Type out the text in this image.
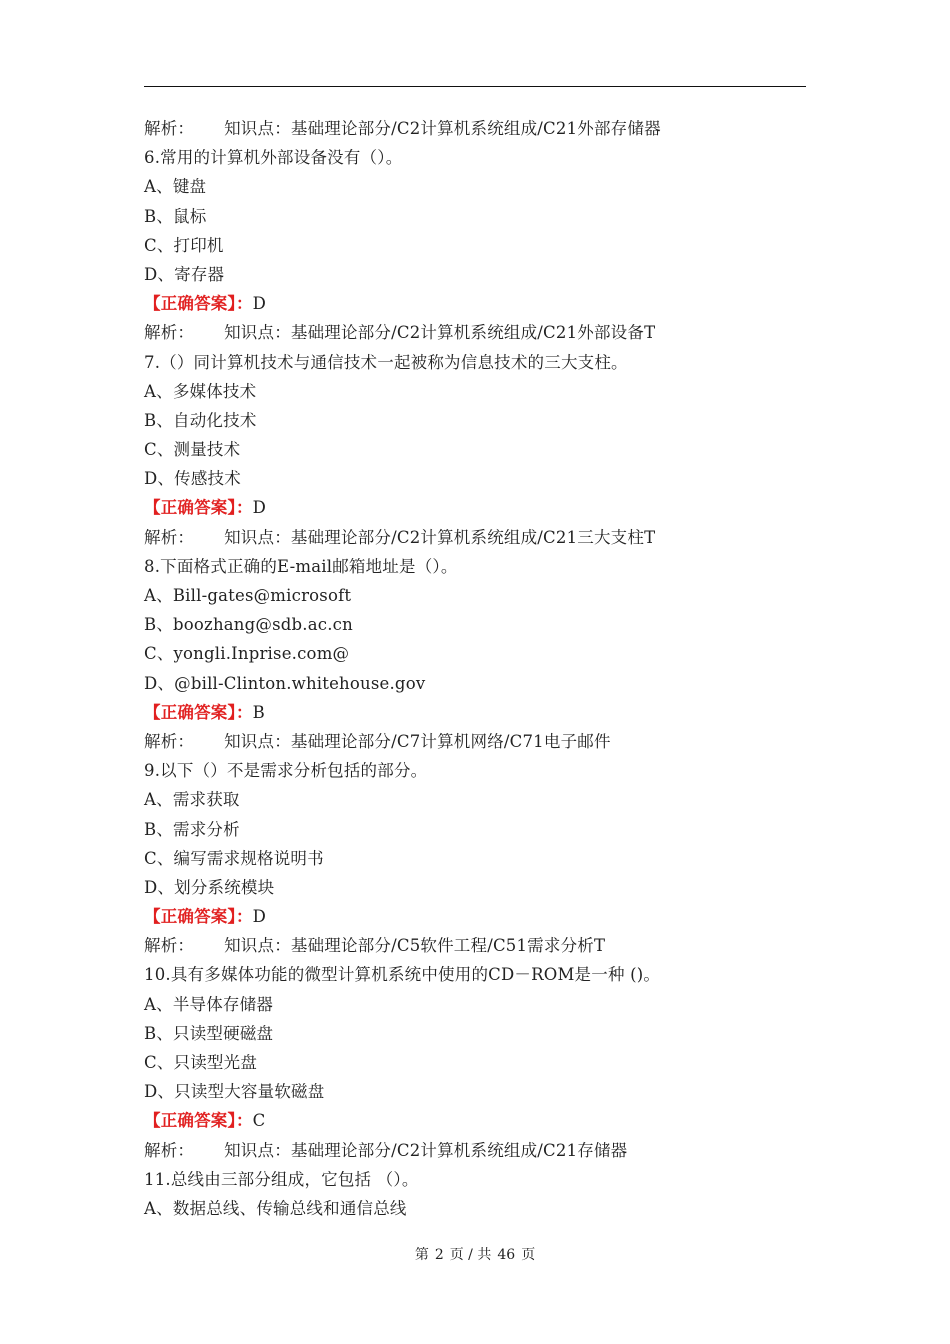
解析： 知识点：基础理论部分/C2计算机系统组成/C21外部存储器
6.常用的计算机外部设备没有（）。
A、键盘
B、鼠标
C、打印机
D、寄存器
【正确答案】：D
解析： 知识点：基础理论部分/C2计算机系统组成/C21外部设备T
7.（）同计算机技术与通信技术一起被称为信息技术的三大支柱。
A、多媒体技术
B、自动化技术
C、测量技术
D、传感技术
【正确答案】：D
解析： 知识点：基础理论部分/C2计算机系统组成/C21三大支柱T
8.下面格式正确的E-mail邮箱地址是（）。
A、Bill-gates@microsoft
B、boozhang@sdb.ac.cn
C、yongli.Inprise.com@
D、@bill-Clinton.whitehouse.gov
【正确答案】：B
解析： 知识点：基础理论部分/C7计算机网络/C71电子邮件
9.以下（）不是需求分析包括的部分。
A、需求获取
B、需求分析
C、编写需求规格说明书
D、划分系统模块
【正确答案】：D
解析： 知识点：基础理论部分/C5软件工程/C51需求分析T
10.具有多媒体功能的微型计算机系统中使用的CD－ROM是一种 ()。
A、半导体存储器
B、只读型硬磁盘
C、只读型光盘
D、只读型大容量软磁盘
【正确答案】：C
解析： 知识点：基础理论部分/C2计算机系统组成/C21存储器
11.总线由三部分组成，它包括 （）。
A、数据总线、传输总线和通信总线
第 2 页 / 共 46 页
